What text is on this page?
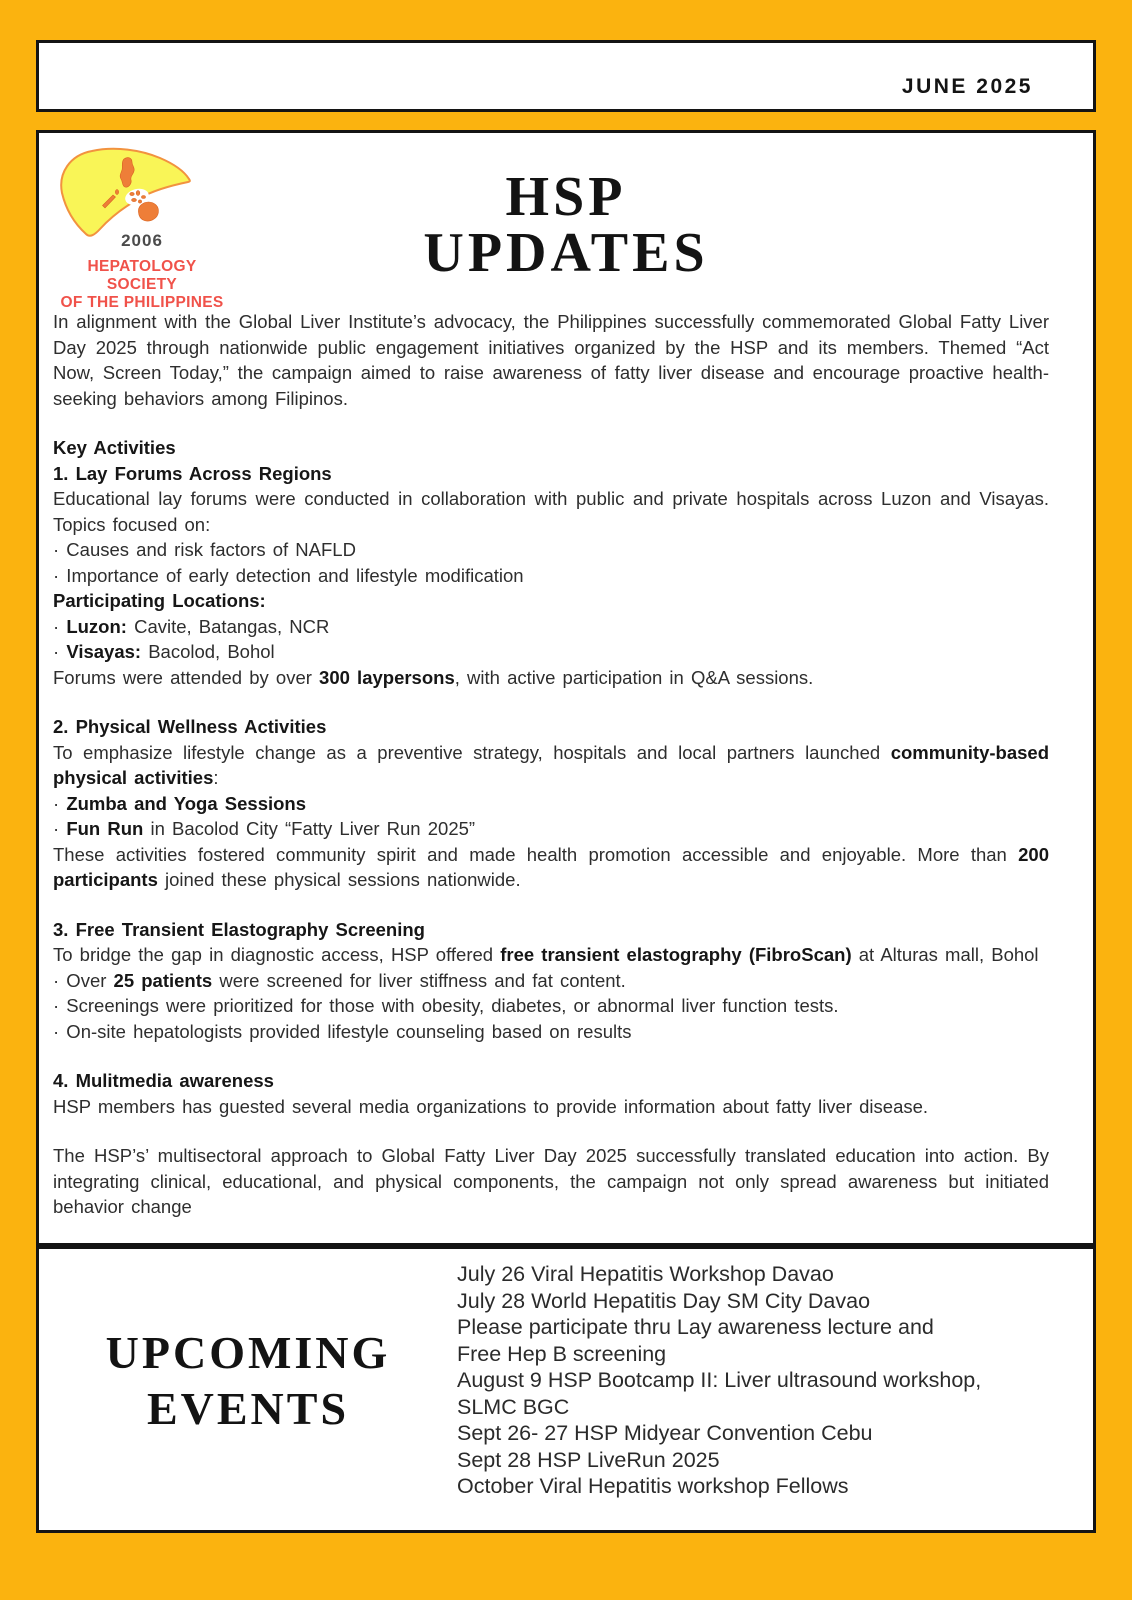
JUNE 2025
2006
HEPATOLOGY SOCIETY
OF THE PHILIPPINES
HSP
UPDATES
In alignment with the Global Liver Institute’s advocacy, the Philippines successfully commemorated Global Fatty Liver Day 2025 through nationwide public engagement initiatives organized by the HSP and its members. Themed “Act Now, Screen Today,” the campaign aimed to raise awareness of fatty liver disease and encourage proactive health-seeking behaviors among Filipinos.
Key Activities
1. Lay Forums Across Regions
Educational lay forums were conducted in collaboration with public and private hospitals across Luzon and Visayas. Topics focused on:
· Causes and risk factors of NAFLD
· Importance of early detection and lifestyle modification
Participating Locations:
· Luzon: Cavite, Batangas, NCR
· Visayas: Bacolod, Bohol
Forums were attended by over 300 laypersons, with active participation in Q&A sessions.
2. Physical Wellness Activities
To emphasize lifestyle change as a preventive strategy, hospitals and local partners launched community-based physical activities:
· Zumba and Yoga Sessions
· Fun Run in Bacolod City “Fatty Liver Run 2025”
These activities fostered community spirit and made health promotion accessible and enjoyable. More than 200 participants joined these physical sessions nationwide.
3. Free Transient Elastography Screening
To bridge the gap in diagnostic access, HSP offered free transient elastography (FibroScan) at Alturas mall, Bohol
· Over 25 patients were screened for liver stiffness and fat content.
· Screenings were prioritized for those with obesity, diabetes, or abnormal liver function tests.
· On-site hepatologists provided lifestyle counseling based on results
4. Mulitmedia awareness
HSP members has guested several media organizations to provide information about fatty liver disease.
The HSP’s’ multisectoral approach to Global Fatty Liver Day 2025 successfully translated education into action. By integrating clinical, educational, and physical components, the campaign not only spread awareness but initiated behavior change
UPCOMING
EVENTS
July 26 Viral Hepatitis Workshop Davao
July 28 World Hepatitis Day SM City Davao
Please participate thru Lay awareness lecture and
Free Hep B screening
August 9 HSP Bootcamp II: Liver ultrasound workshop,
SLMC BGC
Sept 26- 27 HSP Midyear Convention Cebu
Sept 28 HSP LiveRun 2025
October Viral Hepatitis workshop Fellows
